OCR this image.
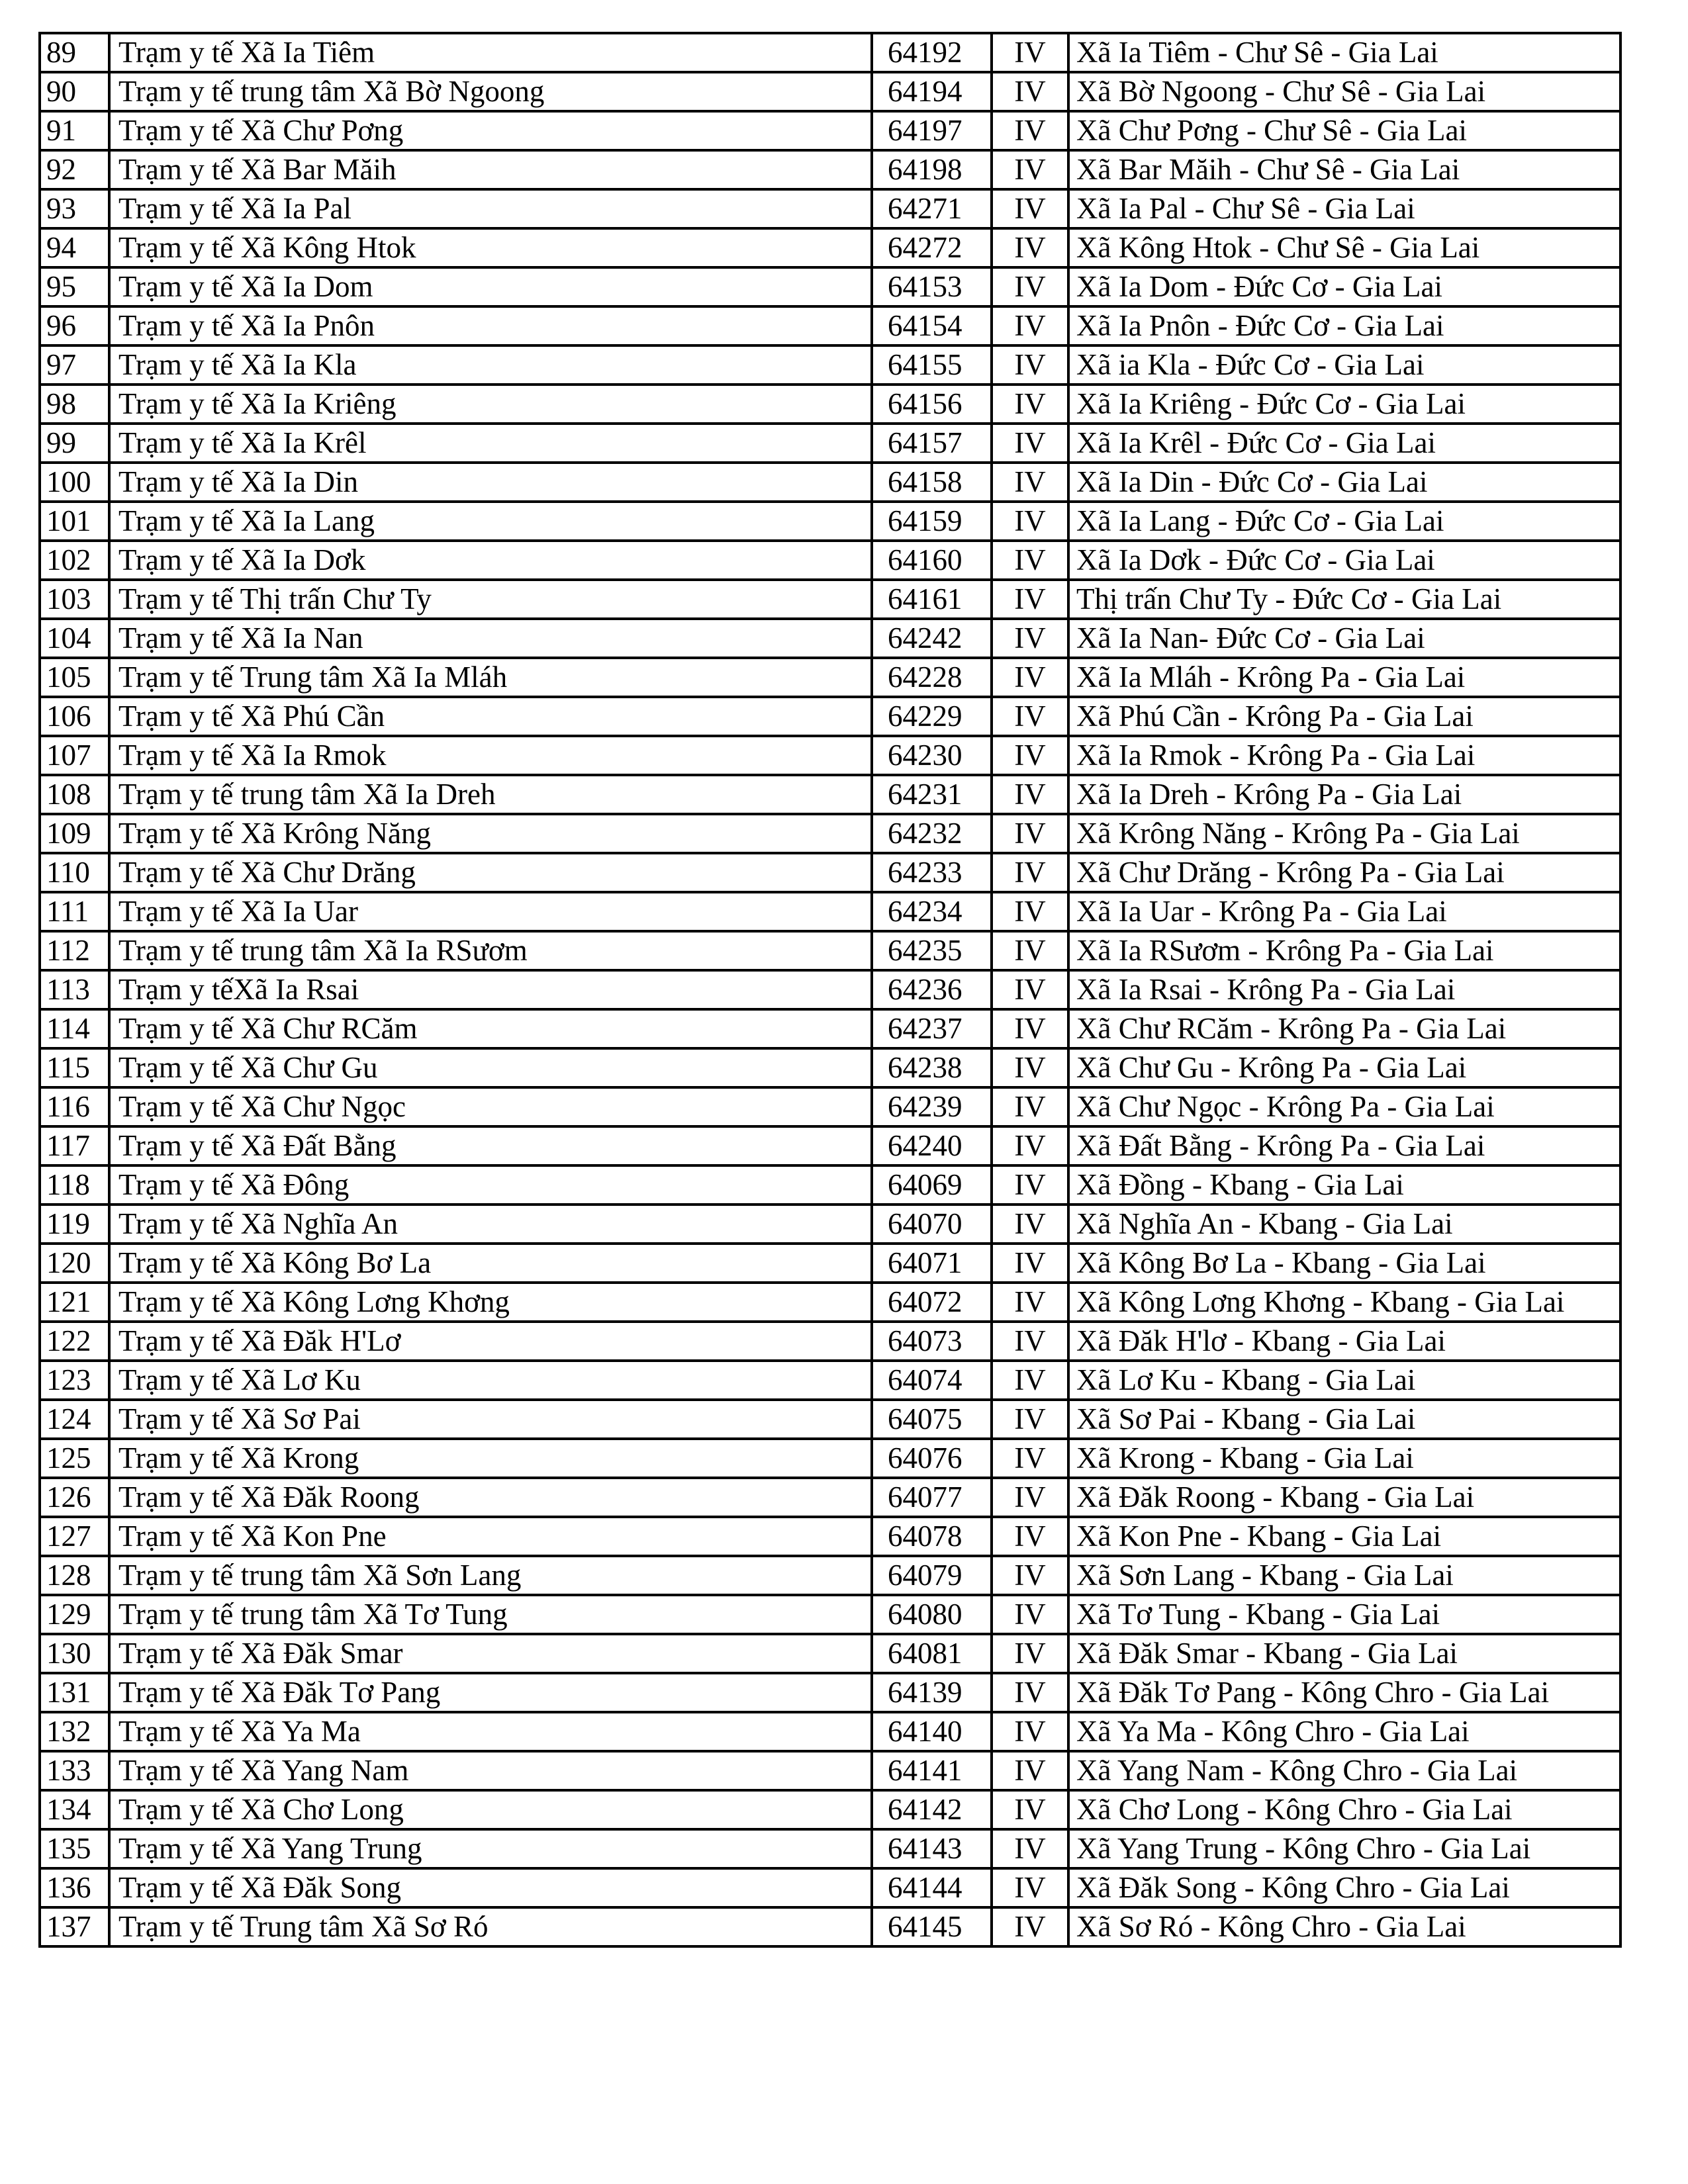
89	Trạm y tế Xã Ia Tiêm	64192	IV	Xã Ia Tiêm - Chư Sê - Gia Lai
90	Trạm y tế trung tâm Xã Bờ Ngoong	64194	IV	Xã Bờ Ngoong - Chư Sê - Gia Lai
91	Trạm y tế Xã Chư Pơng	64197	IV	Xã Chư Pơng - Chư Sê - Gia Lai
92	Trạm y tế Xã Bar Măih	64198	IV	Xã Bar Măih - Chư Sê - Gia Lai
93	Trạm y tế Xã Ia Pal	64271	IV	Xã Ia Pal - Chư Sê - Gia Lai
94	Trạm y tế Xã Kông Htok	64272	IV	Xã Kông Htok - Chư Sê - Gia Lai
95	Trạm y tế Xã Ia Dom	64153	IV	Xã Ia Dom - Đức Cơ - Gia Lai
96	Trạm y tế Xã Ia Pnôn	64154	IV	Xã Ia Pnôn - Đức Cơ - Gia Lai
97	Trạm y tế Xã Ia Kla	64155	IV	Xã ia Kla - Đức Cơ - Gia Lai
98	Trạm y tế Xã Ia Kriêng	64156	IV	Xã Ia Kriêng - Đức Cơ - Gia Lai
99	Trạm y tế Xã Ia Krêl	64157	IV	Xã Ia Krêl - Đức Cơ - Gia Lai
100	Trạm y tế Xã Ia Din	64158	IV	Xã Ia Din - Đức Cơ - Gia Lai
101	Trạm y tế Xã Ia Lang	64159	IV	Xã Ia Lang - Đức Cơ - Gia Lai
102	Trạm y tế Xã Ia Dơk	64160	IV	Xã Ia Dơk - Đức Cơ - Gia Lai
103	Trạm y tế Thị trấn Chư Ty	64161	IV	Thị trấn Chư Ty - Đức Cơ - Gia Lai
104	Trạm y tế Xã Ia Nan	64242	IV	Xã Ia Nan- Đức Cơ - Gia Lai
105	Trạm y tế Trung tâm Xã Ia Mláh	64228	IV	Xã Ia Mláh - Krông Pa - Gia Lai
106	Trạm y tế Xã Phú Cần	64229	IV	Xã Phú Cần - Krông Pa - Gia Lai
107	Trạm y tế Xã Ia Rmok	64230	IV	Xã Ia Rmok - Krông Pa - Gia Lai
108	Trạm y tế trung tâm Xã Ia Dreh	64231	IV	Xã Ia Dreh - Krông Pa - Gia Lai
109	Trạm y tế Xã Krông Năng	64232	IV	Xã Krông Năng - Krông Pa - Gia Lai
110	Trạm y tế Xã Chư Drăng	64233	IV	Xã Chư Drăng - Krông Pa - Gia Lai
111	Trạm y tế Xã Ia Uar	64234	IV	Xã Ia Uar - Krông Pa - Gia Lai
112	Trạm y tế trung tâm Xã Ia RSươm	64235	IV	Xã Ia RSươm - Krông Pa - Gia Lai
113	Trạm y tếXã Ia Rsai	64236	IV	Xã Ia Rsai - Krông Pa - Gia Lai
114	Trạm y tế Xã Chư RCăm	64237	IV	Xã Chư RCăm - Krông Pa - Gia Lai
115	Trạm y tế Xã Chư Gu	64238	IV	Xã Chư Gu - Krông Pa - Gia Lai
116	Trạm y tế Xã Chư Ngọc	64239	IV	Xã Chư Ngọc - Krông Pa - Gia Lai
117	Trạm y tế Xã Đất Bằng	64240	IV	Xã Đất Bằng - Krông Pa - Gia Lai
118	Trạm y tế Xã Đông	64069	IV	Xã Đồng - Kbang - Gia Lai
119	Trạm y tế Xã Nghĩa An	64070	IV	Xã Nghĩa An - Kbang - Gia Lai
120	Trạm y tế Xã Kông Bơ La	64071	IV	Xã Kông Bơ La - Kbang - Gia Lai
121	Trạm y tế Xã Kông Lơng Khơng	64072	IV	Xã Kông Lơng Khơng - Kbang - Gia Lai
122	Trạm y tế Xã Đăk H'Lơ	64073	IV	Xã Đăk H'lơ - Kbang - Gia Lai
123	Trạm y tế Xã Lơ Ku	64074	IV	Xã Lơ Ku - Kbang - Gia Lai
124	Trạm y tế Xã Sơ Pai	64075	IV	Xã Sơ Pai - Kbang - Gia Lai
125	Trạm y tế Xã Krong	64076	IV	Xã Krong - Kbang - Gia Lai
126	Trạm y tế Xã Đăk Roong	64077	IV	Xã Đăk Roong - Kbang - Gia Lai
127	Trạm y tế Xã Kon Pne	64078	IV	Xã Kon Pne - Kbang - Gia Lai
128	Trạm y tế trung tâm Xã Sơn Lang	64079	IV	Xã Sơn Lang - Kbang - Gia Lai
129	Trạm y tế trung tâm Xã Tơ Tung	64080	IV	Xã Tơ Tung - Kbang - Gia Lai
130	Trạm y tế Xã Đăk Smar	64081	IV	Xã Đăk Smar - Kbang - Gia Lai
131	Trạm y tế Xã Đăk Tơ Pang	64139	IV	Xã Đăk Tơ Pang - Kông Chro - Gia Lai
132	Trạm y tế Xã Ya Ma	64140	IV	Xã Ya Ma - Kông Chro - Gia Lai
133	Trạm y tế Xã Yang Nam	64141	IV	Xã Yang Nam - Kông Chro - Gia Lai
134	Trạm y tế Xã Chơ Long	64142	IV	Xã Chơ Long - Kông Chro - Gia Lai
135	Trạm y tế Xã Yang Trung	64143	IV	Xã Yang Trung - Kông Chro - Gia Lai
136	Trạm y tế Xã Đăk Song	64144	IV	Xã Đăk Song - Kông Chro - Gia Lai
137	Trạm y tế Trung tâm Xã Sơ Ró	64145	IV	Xã Sơ Ró - Kông Chro - Gia Lai
